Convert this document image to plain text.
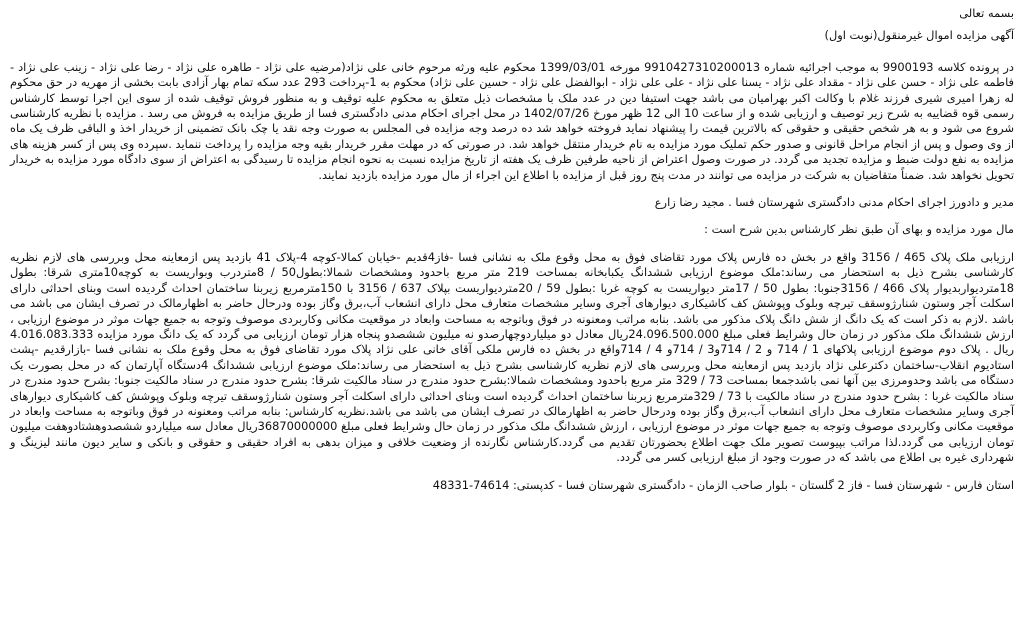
بسمه تعالی

آگهی مزایده اموال غیرمنقول(نوبت اول)

در پرونده کلاسه 9900193 به موجب اجرائیه شماره 9910427310200013 مورخه 1399/03/01 محکوم علیه ورثه مرحوم خانی علی نژاد(مرضیه علی نژاد - طاهره علی نژاد - رضا علی نژاد - زینب علی نژاد - فاطمه علی نژاد - حسن علی نژاد - مقداد علی نژاد - یسنا علی نژاد - علی علی نژاد - ابوالفضل علی نژاد - حسین علی نژاد) محکوم به 1-پرداخت 293 عدد سکه تمام بهار آزادی بابت بخشی از مهریه در حق محکوم له زهرا امیری شیری فرزند غلام با وکالت اکبر بهرامیان می باشد جهت استیفا دین در عدد ملک با مشخصات ذیل متعلق به محکوم علیه توقیف و به منظور فروش توقیف شده از سوی این اجرا توسط کارشناس رسمی قوه قضاییه به شرح زیر توصیف و ارزیابی شده و از ساعت 10 الی 12 ظهر مورخ 1402/07/26 در محل اجرای احکام مدنی دادگستری فسا از طریق مزایده به فروش می رسد . مزایده با نظریه کارشناسی شروع می شود و به هر شخص حقیقی و حقوقی که بالاترین قیمت را پیشنهاد نماید فروخته خواهد شد ده درصد وجه مزایده فی المجلس به صورت وجه نقد یا چک بانک تضمینی از خریدار اخذ و الباقی ظرف یک ماه از وی وصول و پس از انجام مراحل قانونی و صدور حکم تملیک مورد مزایده به نام خریدار منتقل خواهد شد. در صورتی که در مهلت مقرر خریدار بقیه وجه مزایده را پرداخت ننماید .سپرده وی پس از کسر هزینه های مزایده به نفع دولت ضبط و مزایده تجدید می گردد. در صورت وصول اعتراض از ناحیه طرفین ظرف یک هفته از تاریخ مزایده نسبت به نحوه انجام مزایده تا رسیدگی به اعتراض از سوی دادگاه مورد مزایده به خریدار تحویل نخواهد شد. ضمناً متقاضیان به شرکت در مزایده می توانند در مدت پنج روز قبل از مزایده با اطلاع این اجراء از مال مورد مزایده بازدید نمایند.

مدیر و دادورز اجرای احکام مدنی دادگستری شهرستان فسا . مجید رضا زارع

مال مورد مزایده و بهای آن طبق نظر کارشناس بدین شرح است :

ارزیابی ملک پلاک 465 / 3156 واقع در بخش ده فارس پلاک مورد تقاضای فوق به محل وقوع ملک به نشانی فسا -فاز4قدیم -خیابان کمالا-کوچه 4-پلاک 41 بازدید پس ازمعاینه محل وبررسی های لازم نظریه کارشناسی بشرح ذیل به استحضار می رساند:ملک موضوع ارزیابی ششدانگ یکبابخانه بمساحت 219 متر مربع باحدود ومشخصات شمالا:بطول50 / 8متردرب وبواریست به کوچه10متری شرقا: بطول 18متردیواربدیوار پلاک 466 / 3156جنوبا: بطول 50 / 17متر دیواریست به کوچه غربا :بطول 59 / 20متردیواریست بپلاک 637 / 3156 با 150مترمربع زیربنا ساختمان احداث گردیده است وبنای احداثی دارای اسکلت آجر وستون شنارژوسقف تیرچه وبلوک وپوشش کف کاشیکاری دیوارهای آجری وسایر مشخصات متعارف محل دارای انشعاب آب،برق وگاز بوده ودرحال حاضر به اظهارمالک در تصرف ایشان می باشد می باشد .لازم به ذکر است که یک دانگ از شش دانگ پلاک مذکور می باشد. بنابه مراتب ومعنونه در فوق وباتوجه به مساحت وابعاد در موقعیت مکانی وکاربردی موصوف وتوجه به جمیع جهات موثر در موضوع ارزیابی ، ارزش ششدانگ ملک مذکور در زمان حال وشرایط فعلی مبلغ 24.096.500.000ریال معادل دو میلیاردوچهارصدو نه میلیون ششصدو پنجاه هزار تومان ارزیابی می گردد که یک دانگ مورد مزایده 4.016.083.333 ریال . پلاک دوم موضوع ارزیابی پلاکهای 1 / 714 و 2 / 714و3 / 714و 4 / 714واقع در بخش ده فارس ملکی آقای خانی علی نژاد پلاک مورد تقاضای فوق به محل وقوع ملک به نشانی فسا -بازارقدیم -پشت استادیوم انقلاب-ساختمان دکترعلی نژاد بازدید پس ازمعاینه محل وبررسی های لازم نظریه کارشناسی بشرح ذیل به استحضار می رساند:ملک موضوع ارزیابی ششدانگ 4دستگاه آپارتمان که در محل بصورت یک دستگاه می باشد وحدومرزی بین آنها نمی باشدجمعا بمساحت 73 / 329 متر مربع باحدود ومشخصات شمالا:بشرح حدود مندرج در سناد مالکیت شرقا: بشرح حدود مندرج در سناد مالکیت جنوبا: بشرح حدود مندرج در سناد مالکیت غربا : بشرح حدود مندرج در سناد مالکیت با 73 / 329مترمربع زیربنا ساختمان احداث گردیده است وبنای احداثی دارای اسکلت آجر وستون شنارژوسقف تیرچه وبلوک وپوشش کف کاشیکاری دیوارهای آجری وسایر مشخصات متعارف محل دارای انشعاب آب،برق وگاز بوده ودرحال حاضر به اظهارمالک در تصرف ایشان می باشد می باشد.نظریه کارشناس: بنابه مراتب ومعنونه در فوق وباتوجه به مساحت وابعاد در موقعیت مکانی وکاربردی موصوف وتوجه به جمیع جهات موثر در موضوع ارزیابی ، ارزش ششدانگ ملک مذکور در زمان حال وشرایط فعلی مبلغ 36870000000ریال معادل سه میلیاردو ششصدوهشتادوهفت میلیون تومان ارزیابی می گردد.لذا مراتب بپیوست تصویر ملک جهت اطلاع بحضورتان تقدیم می گردد.کارشناس نگارنده از وضعیت خلافی و میزان بدهی به افراد حقیقی و حقوقی و بانکی و سایر دیون مانند لیزینگ و شهرداری غیره بی اطلاع می باشد که در صورت وجود از مبلغ ارزیابی کسر می گردد.

استان فارس - شهرستان فسا - فاز 2 گلستان - بلوار صاحب الزمان - دادگستری شهرستان فسا - کدپستی: 74614-48331
